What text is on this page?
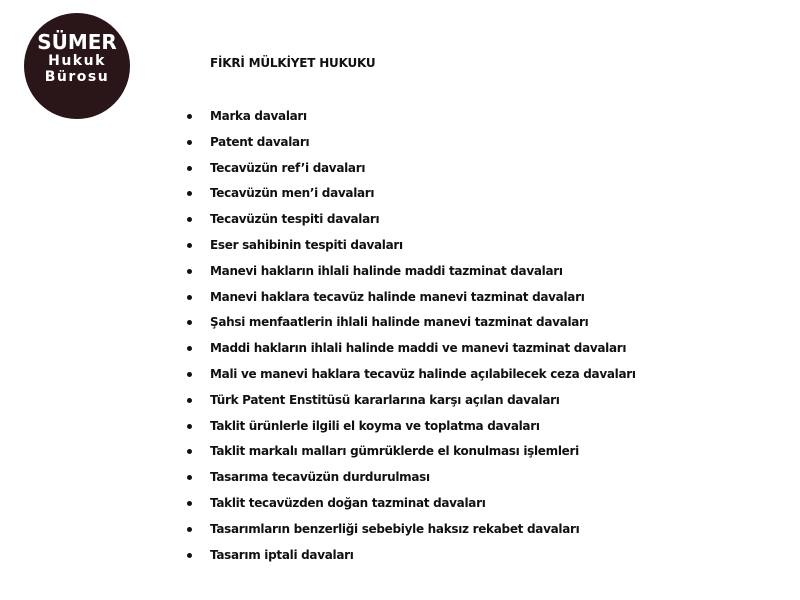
SÜMER
Hukuk
Bürosu
FİKRİ MÜLKİYET HUKUKU
Marka davaları
Patent davaları
Tecavüzün ref’i davaları
Tecavüzün men’i davaları
Tecavüzün tespiti davaları
Eser sahibinin tespiti davaları
Manevi hakların ihlali halinde maddi tazminat davaları
Manevi haklara tecavüz halinde manevi tazminat davaları
Şahsi menfaatlerin ihlali halinde manevi tazminat davaları
Maddi hakların ihlali halinde maddi ve manevi tazminat davaları
Mali ve manevi haklara tecavüz halinde açılabilecek ceza davaları
Türk Patent Enstitüsü kararlarına karşı açılan davaları
Taklit ürünlerle ilgili el koyma ve toplatma davaları
Taklit markalı malları gümrüklerde el konulması işlemleri
Tasarıma tecavüzün durdurulması
Taklit tecavüzden doğan tazminat davaları
Tasarımların benzerliği sebebiyle haksız rekabet davaları
Tasarım iptali davaları
